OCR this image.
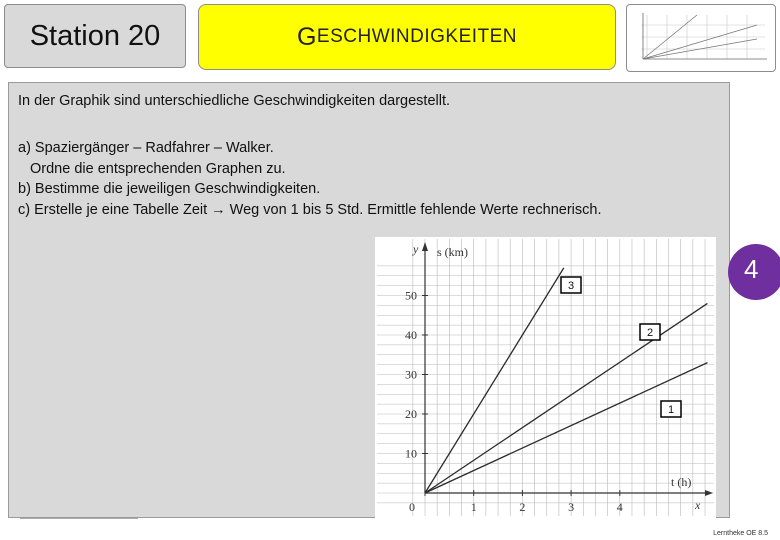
Station 20	G ESCHWINDIGKEITEN
In der Graphik sind unterschiedliche Geschwindigkeiten dargestellt.
a) Spaziergänger – Radfahrer – Walker.
Ordne die entsprechenden Graphen zu.
b) Bestimme die jeweiligen Geschwindigkeiten.
c) Erstelle je eine Tabelle Zeit → Weg von 1 bis 5 Std. Ermittle fehlende Werte rechnerisch.
0	1	2	3	4
10
20
30
40
50
y s (km)
t (h)
x
3
2
1
4
Lerntheke OE 8.5
